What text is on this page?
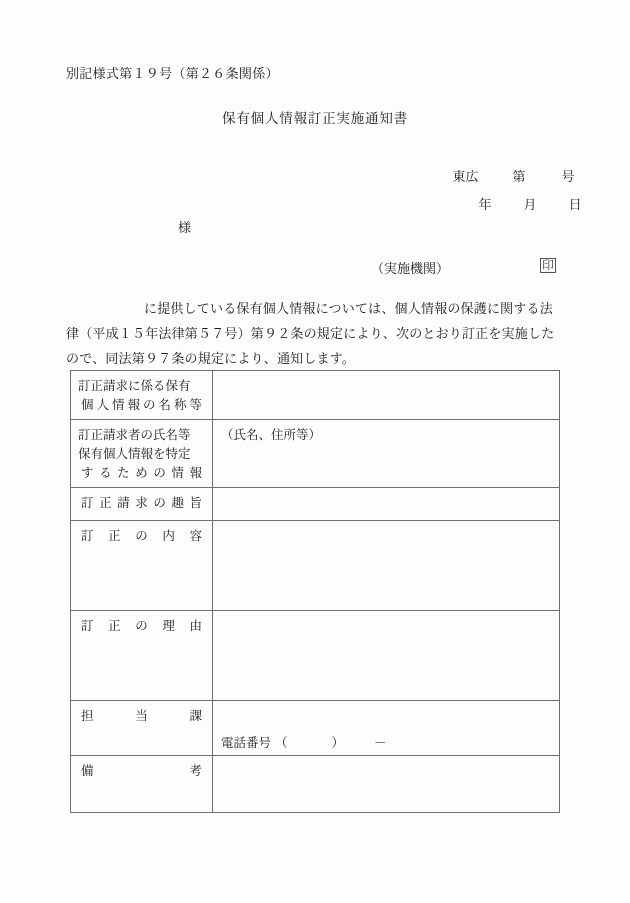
別記様式第１９号（第２６条関係）
保有個人情報訂正実施通知書

東広	第	号

年 月 日

様
（実施機関）	印
に提供している保有個人情報については、個人情報の保護に関する法律（平成１５年法律第５７号）第９２条の規定により、次のとおり訂正を実施したので、同法第９７条の規定により、通知します。
訂正請求に係る保有
個人情報の名称等	

訂正請求者の氏名等
保有個人情報を特定
するための情報	（氏名、住所等）

訂正請求の趣旨	

訂正の内容	

訂正の理由	

担当課	電話番号 （ ） －

備考	
